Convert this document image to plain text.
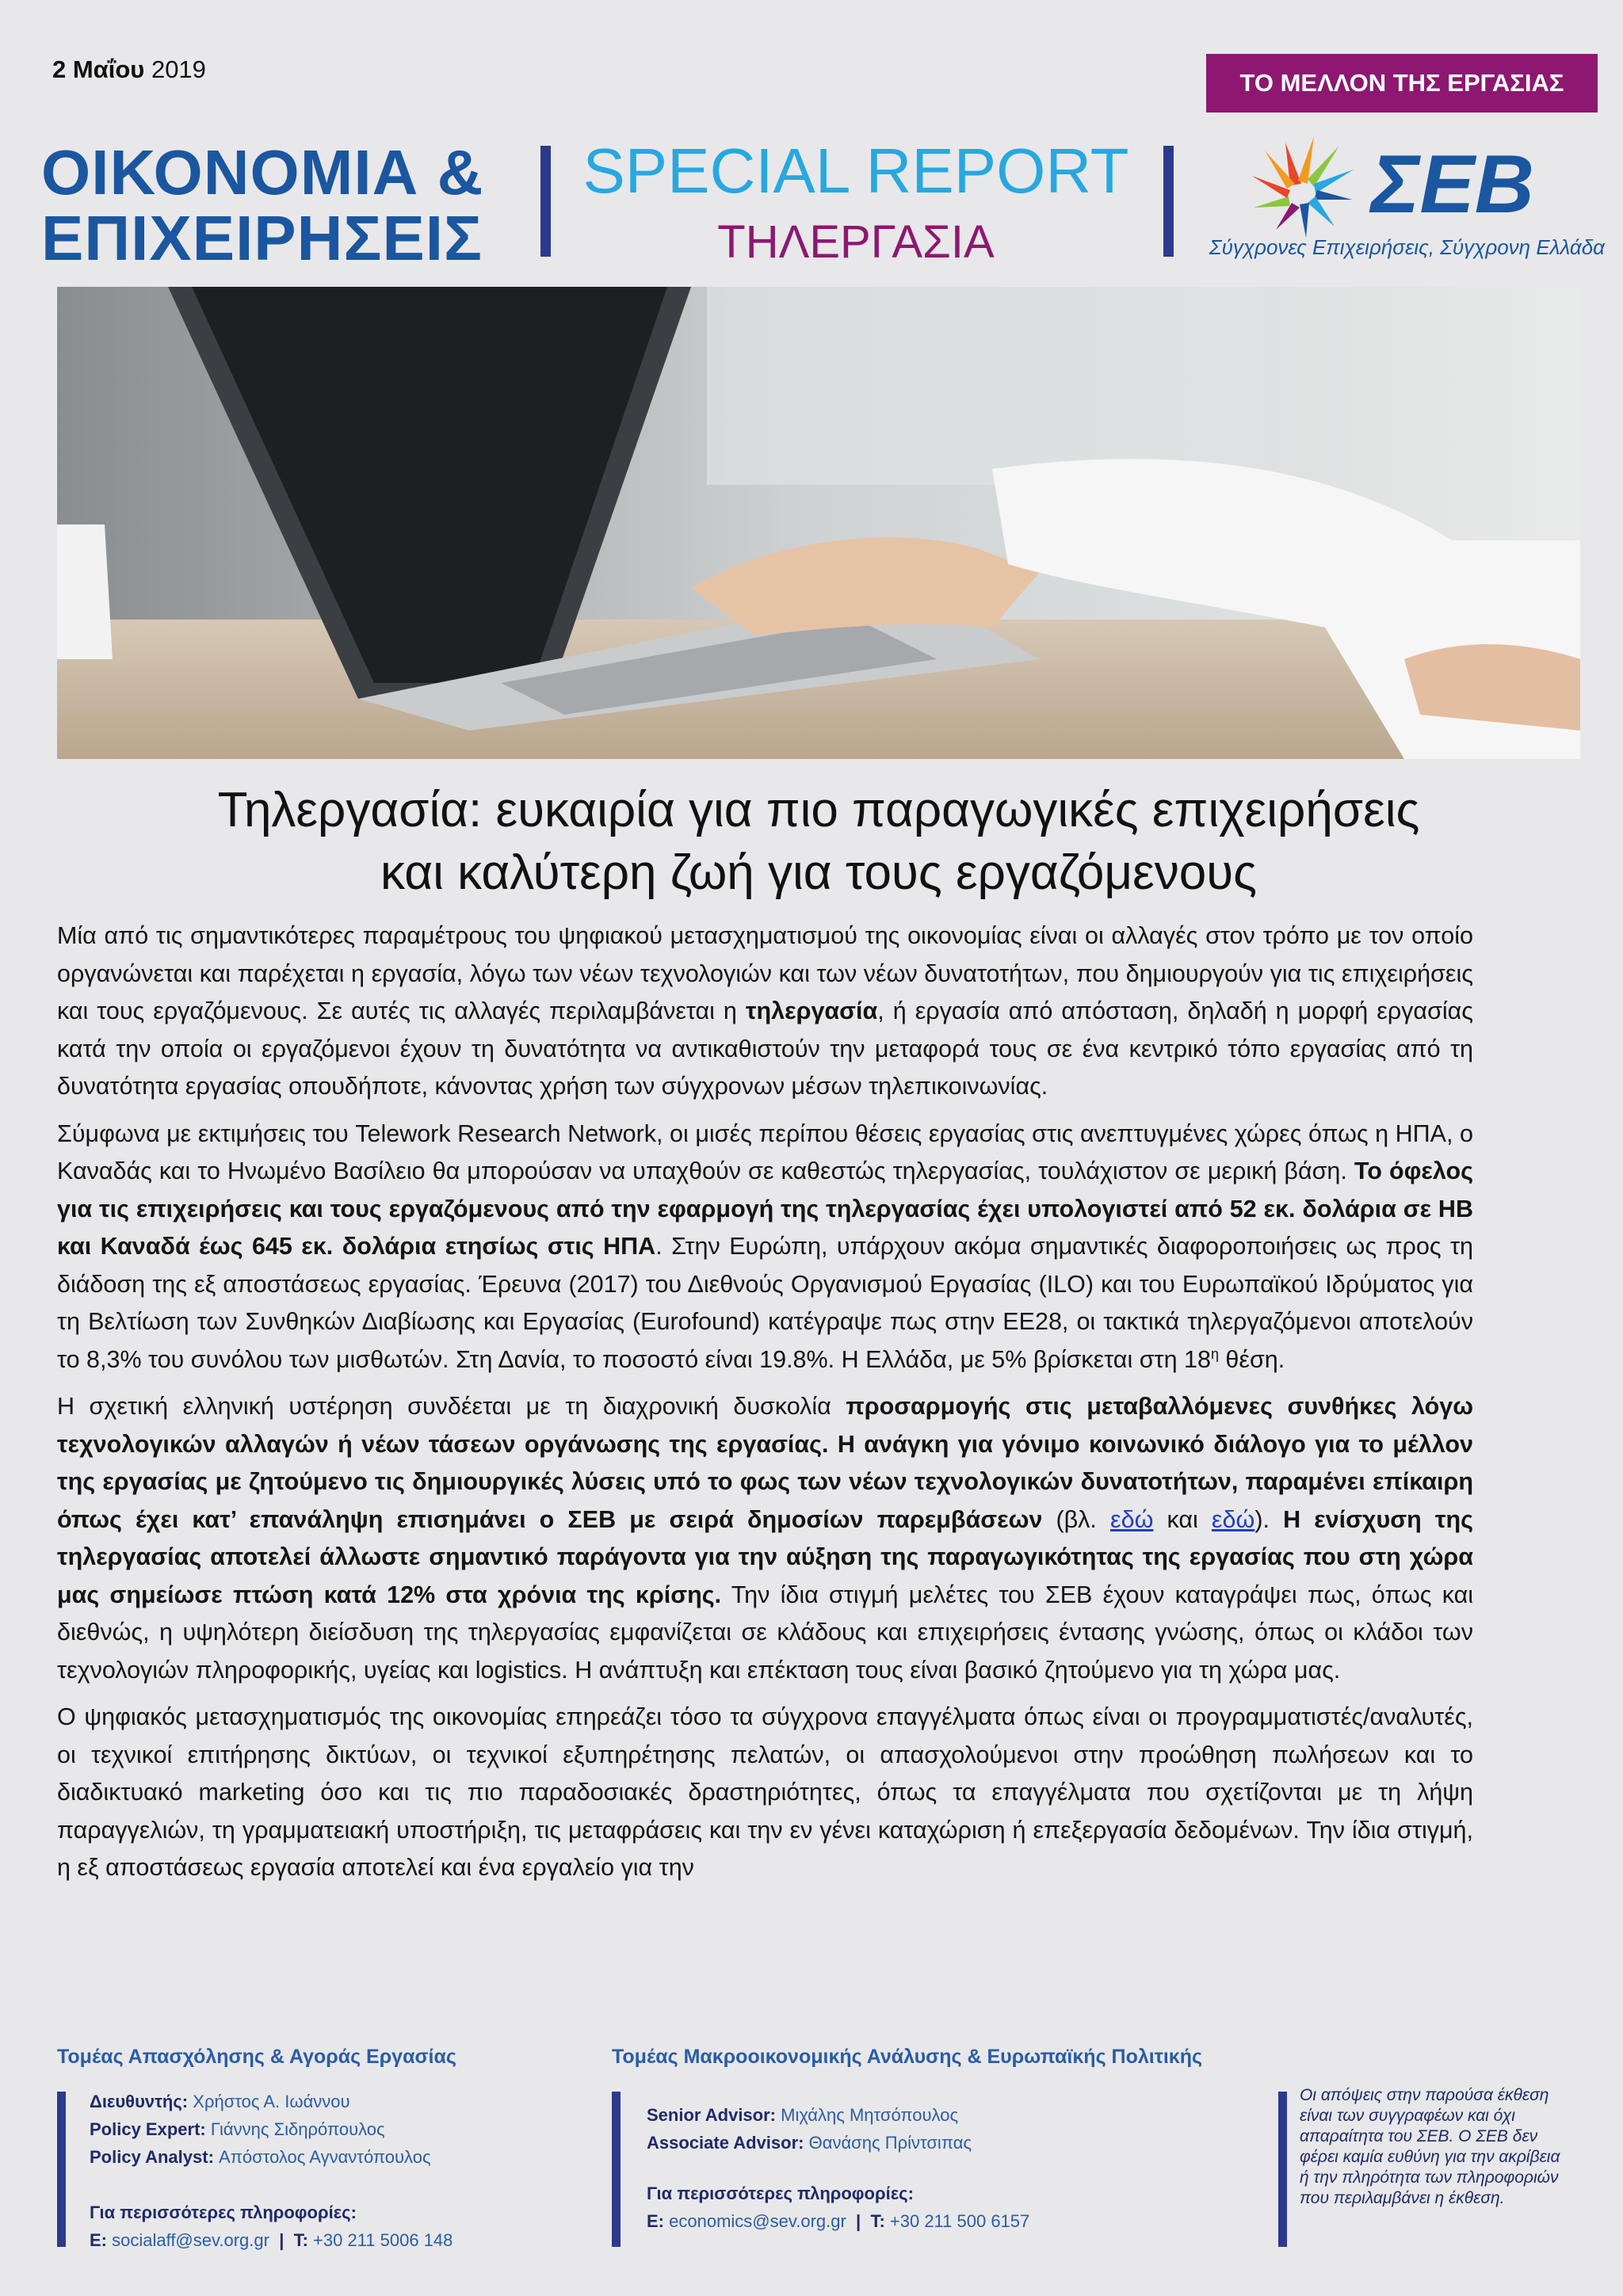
2 Μαΐου 2019	ΤΟ ΜΕΛΛΟΝ ΤΗΣ ΕΡΓΑΣΙΑΣ
ΟΙΚΟΝΟΜΙΑ &
ΕΠΙΧΕΙΡΗΣΕΙΣ
SPECIAL REPORT
ΤΗΛΕΡΓΑΣΙΑ
ΣΕΒ
Σύγχρονες Επιχειρήσεις, Σύγχρονη Ελλάδα
Τηλεργασία: ευκαιρία για πιο παραγωγικές επιχειρήσεις
και καλύτερη ζωή για τους εργαζόμενους

Μία από τις σημαντικότερες παραμέτρους του ψηφιακού μετασχηματισμού της οικονομίας είναι οι αλλαγές στον τρόπο με τον οποίο οργανώνεται και παρέχεται η εργασία, λόγω των νέων τεχνολογιών και των νέων δυνατοτήτων, που δημιουργούν για τις επιχειρήσεις και τους εργαζόμενους. Σε αυτές τις αλλαγές περιλαμβάνεται η τηλεργασία, ή εργασία από απόσταση, δηλαδή η μορφή εργασίας κατά την οποία οι εργαζόμενοι έχουν τη δυνατότητα να αντικαθιστούν την μεταφορά τους σε ένα κεντρικό τόπο εργασίας από τη δυνατότητα εργασίας οπουδήποτε, κάνοντας χρήση των σύγχρονων μέσων τηλεπικοινωνίας.

Σύμφωνα με εκτιμήσεις του Telework Research Network, οι μισές περίπου θέσεις εργασίας στις ανεπτυγμένες χώρες όπως η ΗΠΑ, ο Καναδάς και το Ηνωμένο Βασίλειο θα μπορούσαν να υπαχθούν σε καθεστώς τηλεργασίας, τουλάχιστον σε μερική βάση. Το όφελος για τις επιχειρήσεις και τους εργαζόμενους από την εφαρμογή της τηλεργασίας έχει υπολογιστεί από 52 εκ. δολάρια σε ΗΒ και Καναδά έως 645 εκ. δολάρια ετησίως στις ΗΠΑ. Στην Ευρώπη, υπάρχουν ακόμα σημαντικές διαφοροποιήσεις ως προς τη διάδοση της εξ αποστάσεως εργασίας. Έρευνα (2017) του Διεθνούς Οργανισμού Εργασίας (ILO) και του Ευρωπαϊκού Ιδρύματος για τη Βελτίωση των Συνθηκών Διαβίωσης και Εργασίας (Eurofound) κατέγραψε πως στην ΕΕ28, οι τακτικά τηλεργαζόμενοι αποτελούν το 8,3% του συνόλου των μισθωτών. Στη Δανία, το ποσοστό είναι 19.8%. Η Ελλάδα, με 5% βρίσκεται στη $18^\eta$ θέση.

Η σχετική ελληνική υστέρηση συνδέεται με τη διαχρονική δυσκολία προσαρμογής στις μεταβαλλόμενες συνθήκες λόγω τεχνολογικών αλλαγών ή νέων τάσεων οργάνωσης της εργασίας. Η ανάγκη για γόνιμο κοινωνικό διάλογο για το μέλλον της εργασίας με ζητούμενο τις δημιουργικές λύσεις υπό το φως των νέων τεχνολογικών δυνατοτήτων, παραμένει επίκαιρη όπως έχει κατ’ επανάληψη επισημάνει ο ΣΕΒ με σειρά δημοσίων παρεμβάσεων (βλ. εδώ και εδώ). Η ενίσχυση της τηλεργασίας αποτελεί άλλωστε σημαντικό παράγοντα για την αύξηση της παραγωγικότητας της εργασίας που στη χώρα μας σημείωσε πτώση κατά 12% στα χρόνια της κρίσης. Την ίδια στιγμή μελέτες του ΣΕΒ έχουν καταγράψει πως, όπως και διεθνώς, η υψηλότερη διείσδυση της τηλεργασίας εμφανίζεται σε κλάδους και επιχειρήσεις έντασης γνώσης, όπως οι κλάδοι των τεχνολογιών πληροφορικής, υγείας και logistics. Η ανάπτυξη και επέκταση τους είναι βασικό ζητούμενο για τη χώρα μας.

Ο ψηφιακός μετασχηματισμός της οικονομίας επηρεάζει τόσο τα σύγχρονα επαγγέλματα όπως είναι οι προγραμματιστές/αναλυτές, οι τεχνικοί επιτήρησης δικτύων, οι τεχνικοί εξυπηρέτησης πελατών, οι απασχολούμενοι στην προώθηση πωλήσεων και το διαδικτυακό marketing όσο και τις πιο παραδοσιακές δραστηριότητες, όπως τα επαγγέλματα που σχετίζονται με τη λήψη παραγγελιών, τη γραμματειακή υποστήριξη, τις μεταφράσεις και την εν γένει καταχώριση ή επεξεργασία δεδομένων. Την ίδια στιγμή, η εξ αποστάσεως εργασία αποτελεί και ένα εργαλείο για την

Τομέας Απασχόλησης & Αγοράς Εργασίας	Τομέας Μακροοικονομικής Ανάλυσης & Ευρωπαϊκής Πολιτικής
Διευθυντής: Χρήστος Α. Ιωάννου
Policy Expert: Γιάννης Σιδηρόπουλος
Policy Analyst: Απόστολος Αγναντόπουλος
Για περισσότερες πληροφορίες:
E: socialaff@sev.org.gr | T: +30 211 5006 148
Senior Advisor: Μιχάλης Μητσόπουλος
Associate Advisor: Θανάσης Πρίντσιπας
Για περισσότερες πληροφορίες:
E: economics@sev.org.gr | T: +30 211 500 6157
Οι απόψεις στην παρούσα έκθεση είναι των συγγραφέων και όχι απαραίτητα του ΣΕΒ. Ο ΣΕΒ δεν φέρει καμία ευθύνη για την ακρίβεια ή την πληρότητα των πληροφοριών που περιλαμβάνει η έκθεση.
